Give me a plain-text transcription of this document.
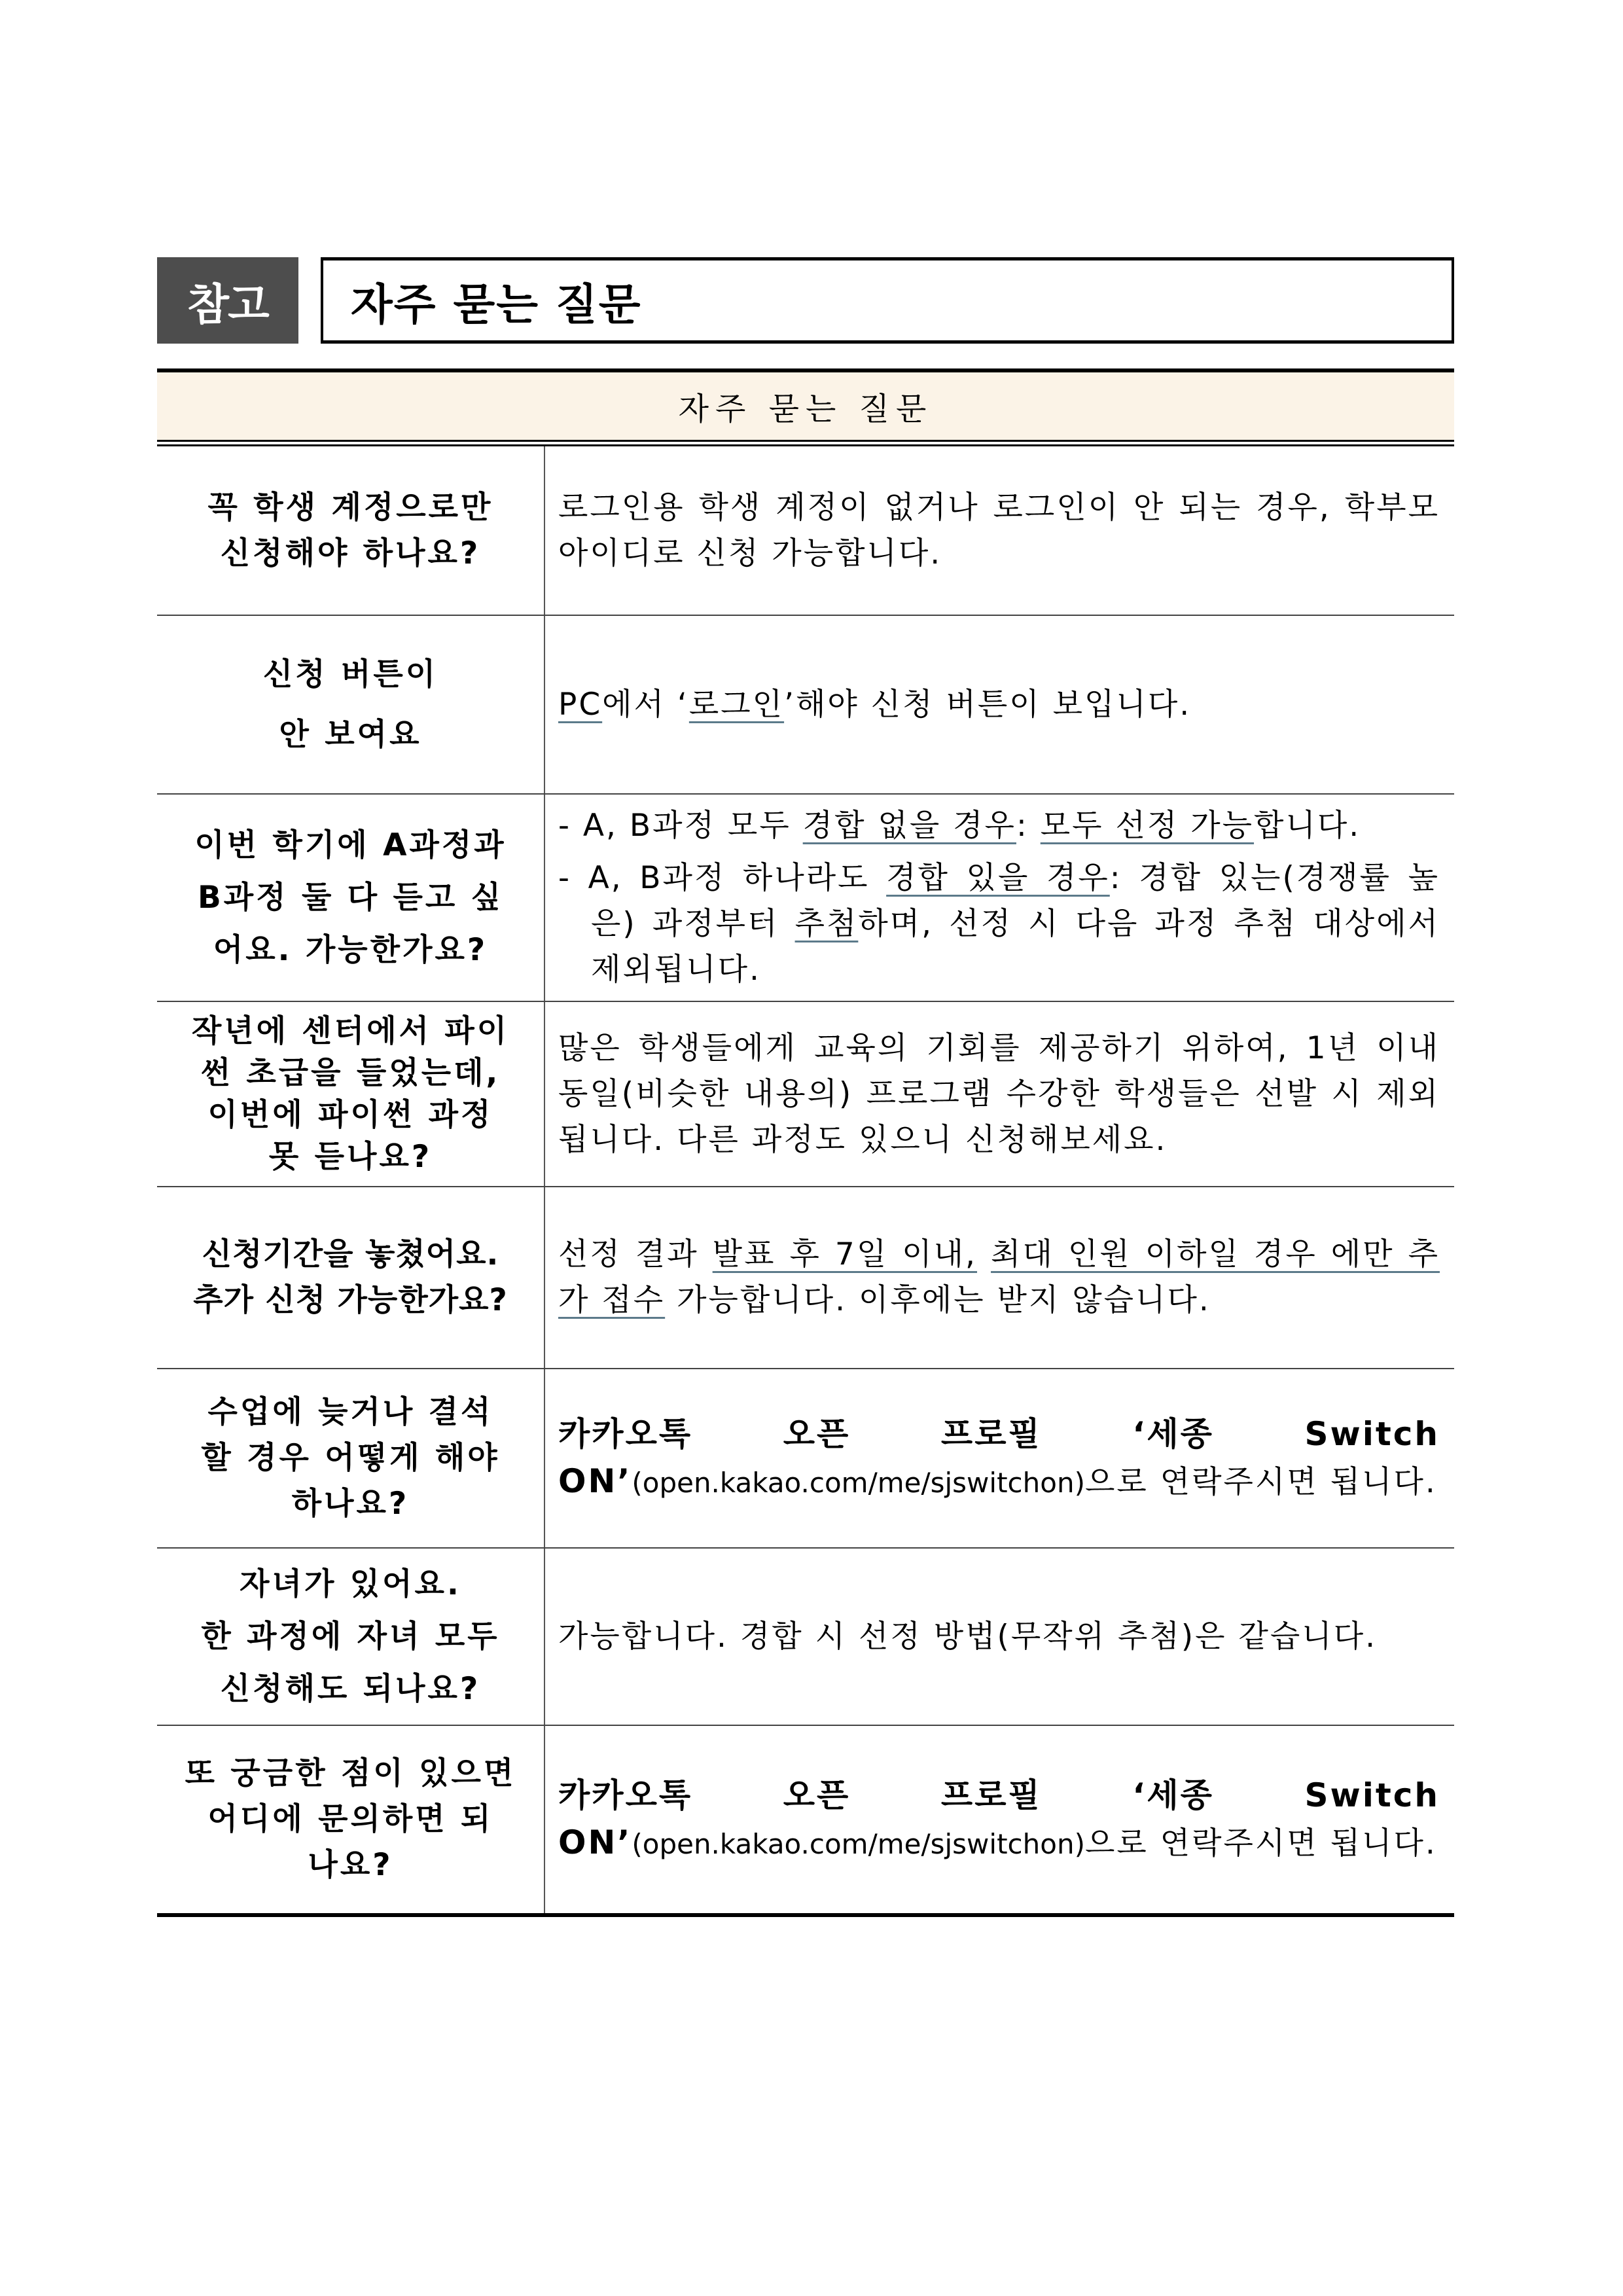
참고 자주 묻는 질문
자주 묻는 질문
꼭 학생 계정으로만
신청해야 하나요?
로그인용 학생 계정이 없거나 로그인이 안 되는 경우, 학부모 아이디로 신청 가능합니다.
신청 버튼이
안 보여요
PC에서 ‘로그인’해야 신청 버튼이 보입니다.
이번 학기에 A과정과
B과정 둘 다 듣고 싶
어요. 가능한가요?
- A, B과정 모두 경합 없을 경우: 모두 선정 가능합니다.
- A, B과정 하나라도 경합 있을 경우: 경합 있는(경쟁률 높은) 과정부터 추첨하며, 선정 시 다음 과정 추첨 대상에서 제외됩니다.
작년에 센터에서 파이
썬 초급을 들었는데,
이번에 파이썬 과정
못 듣나요?
많은 학생들에게 교육의 기회를 제공하기 위하여, 1년 이내 동일(비슷한 내용의) 프로그램 수강한 학생들은 선발 시 제외됩니다. 다른 과정도 있으니 신청해보세요.
신청기간을 놓쳤어요.
추가 신청 가능한가요?
선정 결과 발표 후 7일 이내, 최대 인원 이하일 경우 에만 추가 접수 가능합니다. 이후에는 받지 않습니다.
수업에 늦거나 결석
할 경우 어떻게 해야
하나요?
카카오톡 오픈 프로필 ‘세종 Switch ON’(open.kakao.com/me/sjswitchon)으로 연락주시면 됩니다.
자녀가 있어요.
한 과정에 자녀 모두
신청해도 되나요?
가능합니다. 경합 시 선정 방법(무작위 추첨)은 같습니다.
또 궁금한 점이 있으면
어디에 문의하면 되
나요?
카카오톡 오픈 프로필 ‘세종 Switch ON’(open.kakao.com/me/sjswitchon)으로 연락주시면 됩니다.
